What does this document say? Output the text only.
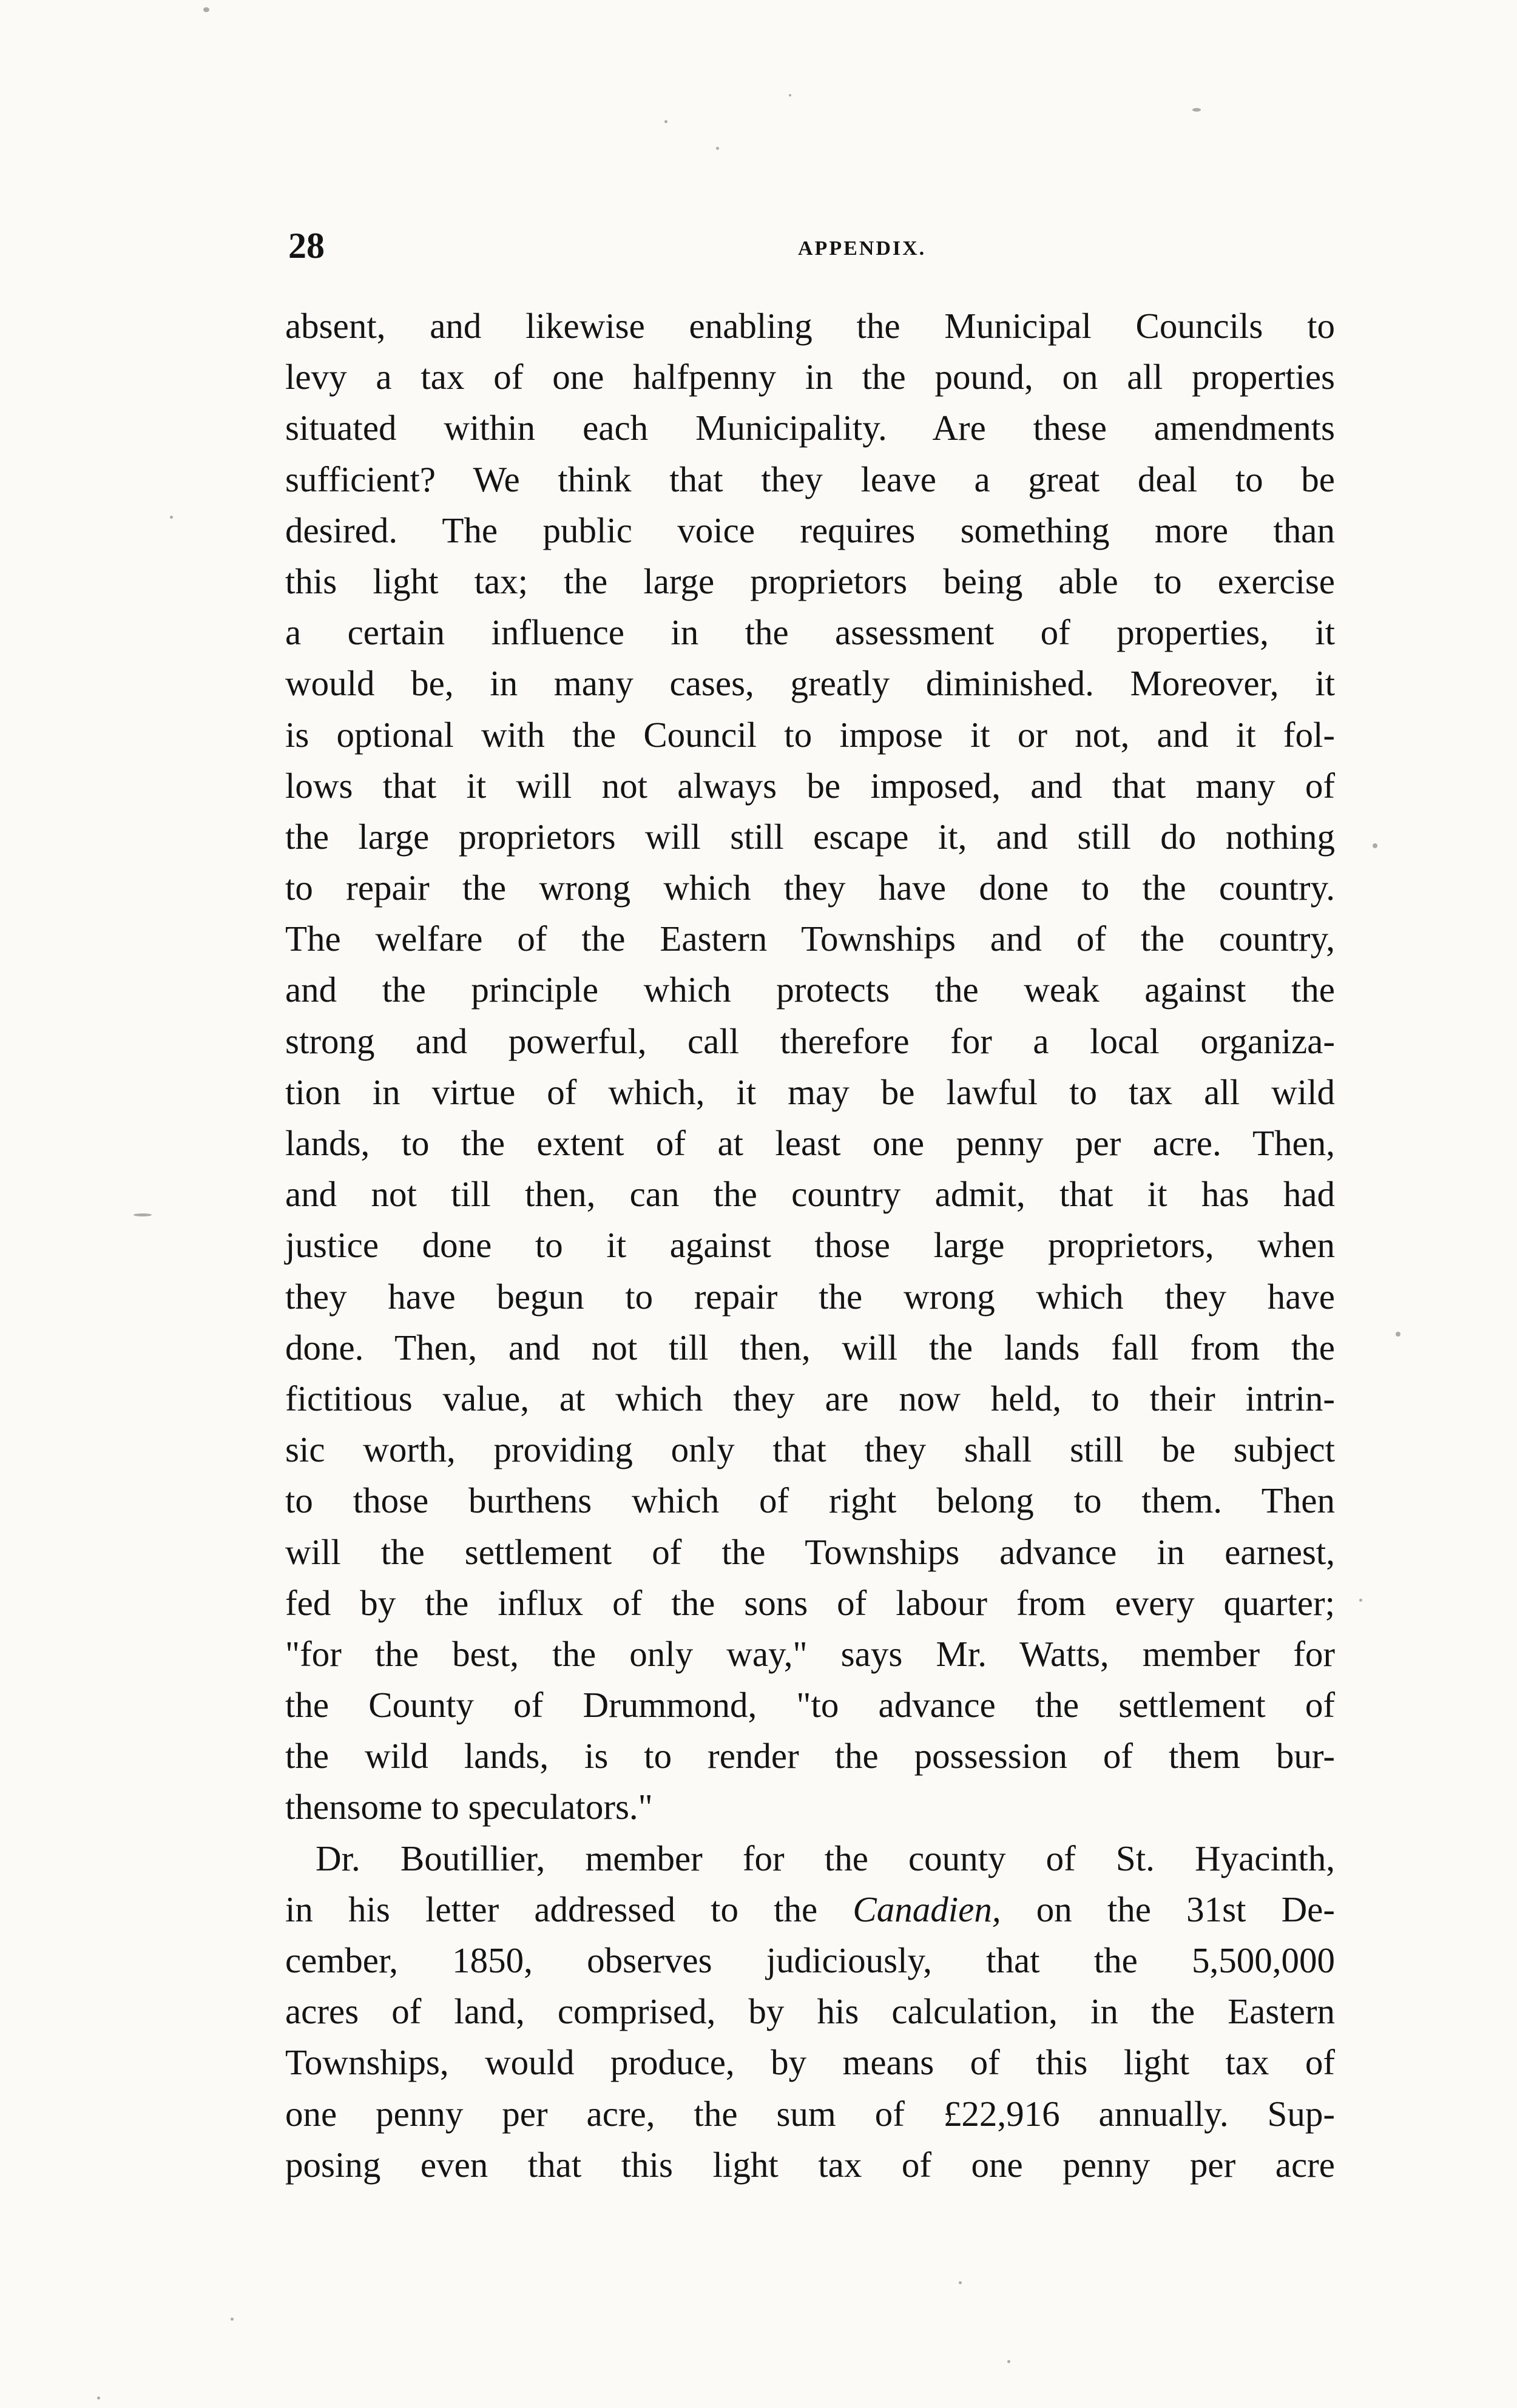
28	APPENDIX.
absent, and likewise enabling the Municipal Councils to
levy a tax of one halfpenny in the pound, on all properties
situated within each Municipality. Are these amendments
sufficient? We think that they leave a great deal to be
desired. The public voice requires something more than
this light tax; the large proprietors being able to exercise
a certain influence in the assessment of properties, it
would be, in many cases, greatly diminished. Moreover, it
is optional with the Council to impose it or not, and it fol-
lows that it will not always be imposed, and that many of
the large proprietors will still escape it, and still do nothing
to repair the wrong which they have done to the country.
The welfare of the Eastern Townships and of the country,
and the principle which protects the weak against the
strong and powerful, call therefore for a local organiza-
tion in virtue of which, it may be lawful to tax all wild
lands, to the extent of at least one penny per acre. Then,
and not till then, can the country admit, that it has had
justice done to it against those large proprietors, when
they have begun to repair the wrong which they have
done. Then, and not till then, will the lands fall from the
fictitious value, at which they are now held, to their intrin-
sic worth, providing only that they shall still be subject
to those burthens which of right belong to them. Then
will the settlement of the Townships advance in earnest,
fed by the influx of the sons of labour from every quarter;
"for the best, the only way," says Mr. Watts, member for
the County of Drummond, "to advance the settlement of
the wild lands, is to render the possession of them bur-
thensome to speculators."
Dr. Boutillier, member for the county of St. Hyacinth,
in his letter addressed to the Canadien, on the 31st De-
cember, 1850, observes judiciously, that the 5,500,000
acres of land, comprised, by his calculation, in the Eastern
Townships, would produce, by means of this light tax of
one penny per acre, the sum of £22,916 annually. Sup-
posing even that this light tax of one penny per acre
